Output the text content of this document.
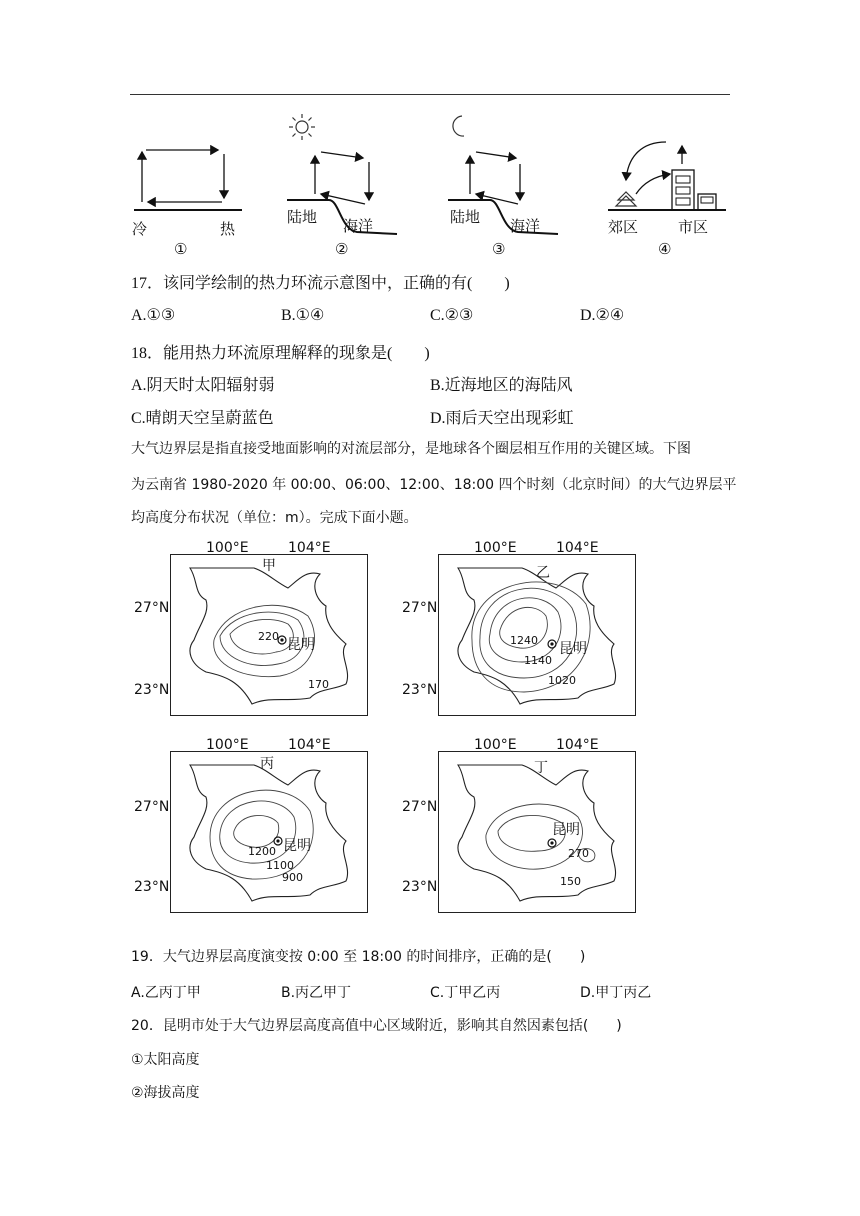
冷	热
①
陆地 海洋
②
陆地 海洋
③
郊区	市区
④
17．该同学绘制的热力环流示意图中，正确的有(　　)
A.①③	B.①④	C.②③	D.②④
18．能用热力环流原理解释的现象是(　　)
A.阴天时太阳辐射弱	B.近海地区的海陆风
C.晴朗天空呈蔚蓝色	D.雨后天空出现彩虹
大气边界层是指直接受地面影响的对流层部分，是地球各个圈层相互作用的关键区域。下图
为云南省 1980-2020 年 00:00、06:00、12:00、18:00 四个时刻（北京时间）的大气边界层平
均高度分布状况（单位：m）。完成下面小题。
100°E	104°E
27°N
23°N
甲
昆明
220
170
100°E	104°E
27°N
23°N
乙
昆明
1240
1140
1020
100°E	104°E
27°N
23°N
丙
昆明
1200
1100
900
100°E	104°E
27°N
23°N
丁
昆明
270
150
19．大气边界层高度演变按 0:00 至 18:00 的时间排序，正确的是(　　)
A.乙丙丁甲	B.丙乙甲丁	C.丁甲乙丙	D.甲丁丙乙
20．昆明市处于大气边界层高度高值中心区域附近，影响其自然因素包括(　　)
①太阳高度
②海拔高度
